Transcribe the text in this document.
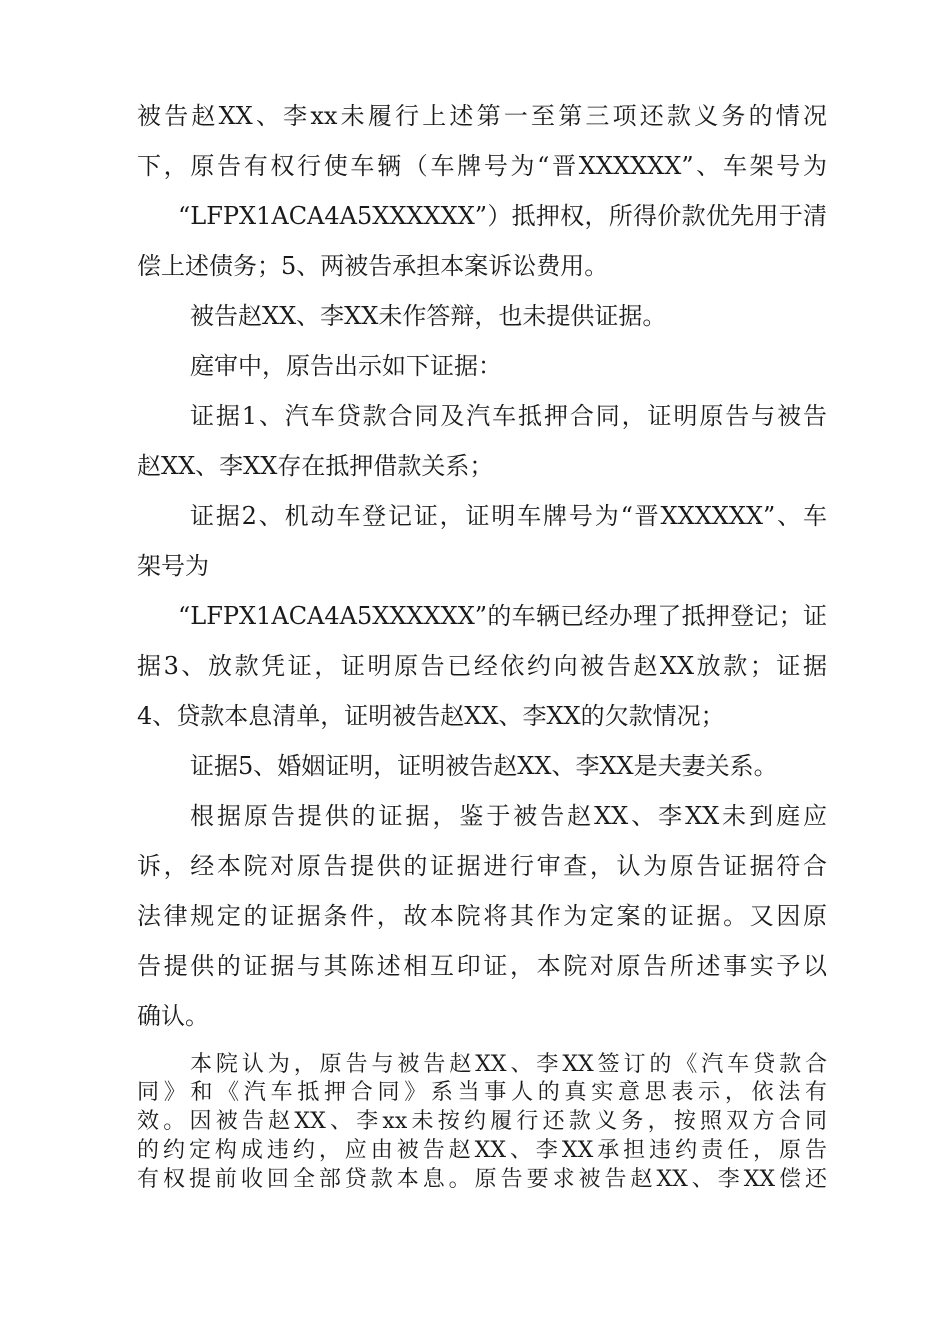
被告赵XX、李xx未履行上述第一至第三项还款义务的情况
下，原告有权行使车辆（车牌号为“晋XXXXXX”、车架号为
“LFPX1ACA4A5XXXXXX”）抵押权，所得价款优先用于清
偿上述债务；5、两被告承担本案诉讼费用。
被告赵XX、李XX未作答辩，也未提供证据。
庭审中，原告出示如下证据：
证据1、汽车贷款合同及汽车抵押合同，证明原告与被告
赵XX、李XX存在抵押借款关系；
证据2、机动车登记证，证明车牌号为“晋XXXXXX”、车
架号为
“LFPX1ACA4A5XXXXXX”的车辆已经办理了抵押登记；证
据3、放款凭证，证明原告已经依约向被告赵XX放款；证据
4、贷款本息清单，证明被告赵XX、李XX的欠款情况；
证据5、婚姻证明，证明被告赵XX、李XX是夫妻关系。
根据原告提供的证据，鉴于被告赵XX、李XX未到庭应
诉，经本院对原告提供的证据进行审查，认为原告证据符合
法律规定的证据条件，故本院将其作为定案的证据。又因原
告提供的证据与其陈述相互印证，本院对原告所述事实予以
确认。
本院认为，原告与被告赵XX、李XX签订的《汽车贷款合
同》和《汽车抵押合同》系当事人的真实意思表示，依法有
效。因被告赵XX、李xx未按约履行还款义务，按照双方合同
的约定构成违约，应由被告赵XX、李XX承担违约责任，原告
有权提前收回全部贷款本息。原告要求被告赵XX、李XX偿还
